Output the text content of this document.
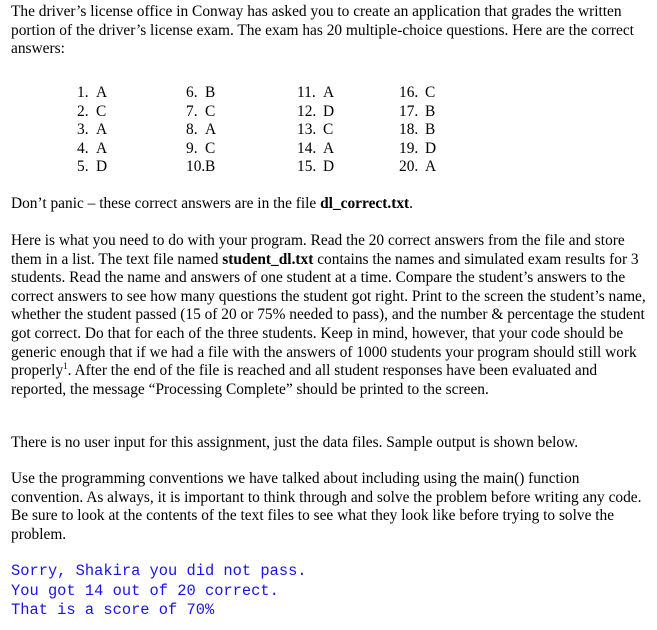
The driver’s license office in Conway has asked you to create an application that grades the written portion of the driver’s license exam. The exam has 20 multiple-choice questions. Here are the correct answers:

1. A
2. C
3. A
4. A
5. D
6. B
7. C
8. A
9. C
10.B
11. A
12. D
13. C
14. A
15. D
16. C
17. B
18. B
19. D
20. A

Don’t panic – these correct answers are in the file dl_correct.txt.

Here is what you need to do with your program. Read the 20 correct answers from the file and store them in a list. The text file named student_dl.txt contains the names and simulated exam results for 3 students. Read the name and answers of one student at a time. Compare the student’s answers to the correct answers to see how many questions the student got right. Print to the screen the student’s name, whether the student passed (15 of 20 or 75% needed to pass), and the number & percentage the student got correct. Do that for each of the three students. Keep in mind, however, that your code should be generic enough that if we had a file with the answers of 1000 students your program should still work properly$^1$. After the end of the file is reached and all student responses have been evaluated and reported, the message “Processing Complete” should be printed to the screen.

There is no user input for this assignment, just the data files. Sample output is shown below.

Use the programming conventions we have talked about including using the main() function convention. As always, it is important to think through and solve the problem before writing any code. Be sure to look at the contents of the text files to see what they look like before trying to solve the problem.

Sorry, Shakira you did not pass.
You got 14 out of 20 correct.
That is a score of 70%
